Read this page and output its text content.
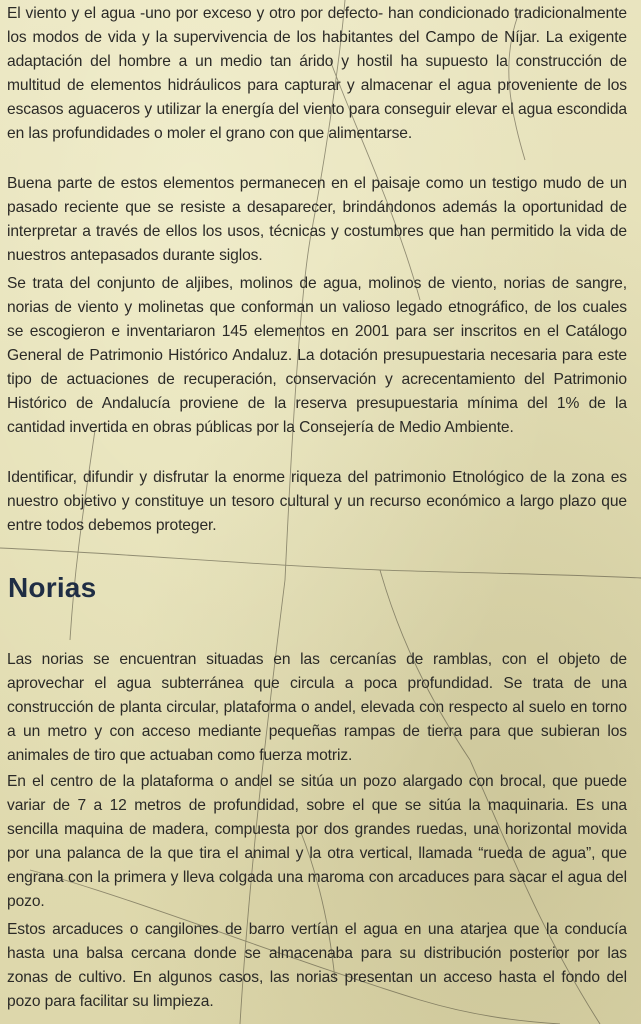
El viento y el agua -uno por exceso y otro por defecto- han condicionado tradicionalmente los modos de vida y la supervivencia de los habitantes del Campo de Níjar. La exigente adaptación del hombre a un medio tan árido y hostil ha supuesto la construcción de multitud de elementos hidráulicos para capturar y almacenar el agua proveniente de los escasos aguaceros y utilizar la energía del viento para conseguir elevar el agua escondida en las profundidades o moler el grano con que alimentarse.

Buena parte de estos elementos permanecen en el paisaje como un testigo mudo de un pasado reciente que se resiste a desaparecer, brindándonos además la oportunidad de interpretar a través de ellos los usos, técnicas y costumbres que han permitido la vida de nuestros antepasados durante siglos.

Se trata del conjunto de aljibes, molinos de agua, molinos de viento, norias de sangre, norias de viento y molinetas que conforman un valioso legado etnográfico, de los cuales se escogieron e inventariaron 145 elementos en 2001 para ser inscritos en el Catálogo General de Patrimonio Histórico Andaluz. La dotación presupuestaria necesaria para este tipo de actuaciones de recuperación, conservación y acrecentamiento del Patrimonio Histórico de Andalucía proviene de la reserva presupuestaria mínima del 1% de la cantidad invertida en obras públicas por la Consejería de Medio Ambiente.

Identificar, difundir y disfrutar la enorme riqueza del patrimonio Etnológico de la zona es nuestro objetivo y constituye un tesoro cultural y un recurso económico a largo plazo que entre todos debemos proteger.

Norias

Las norias se encuentran situadas en las cercanías de ramblas, con el objeto de aprovechar el agua subterránea que circula a poca profundidad. Se trata de una construcción de planta circular, plataforma o andel, elevada con respecto al suelo en torno a un metro y con acceso mediante pequeñas rampas de tierra para que subieran los animales de tiro que actuaban como fuerza motriz.

En el centro de la plataforma o andel se sitúa un pozo alargado con brocal, que puede variar de 7 a 12 metros de profundidad, sobre el que se sitúa la maquinaria. Es una sencilla maquina de madera, compuesta por dos grandes ruedas, una horizontal movida por una palanca de la que tira el animal y la otra vertical, llamada “rueda de agua”, que engrana con la primera y lleva colgada una maroma con arcaduces para sacar el agua del pozo.

Estos arcaduces o cangilones de barro vertían el agua en una atarjea que la conducía hasta una balsa cercana donde se almacenaba para su distribución posterior por las zonas de cultivo. En algunos casos, las norias presentan un acceso hasta el fondo del pozo para facilitar su limpieza.
